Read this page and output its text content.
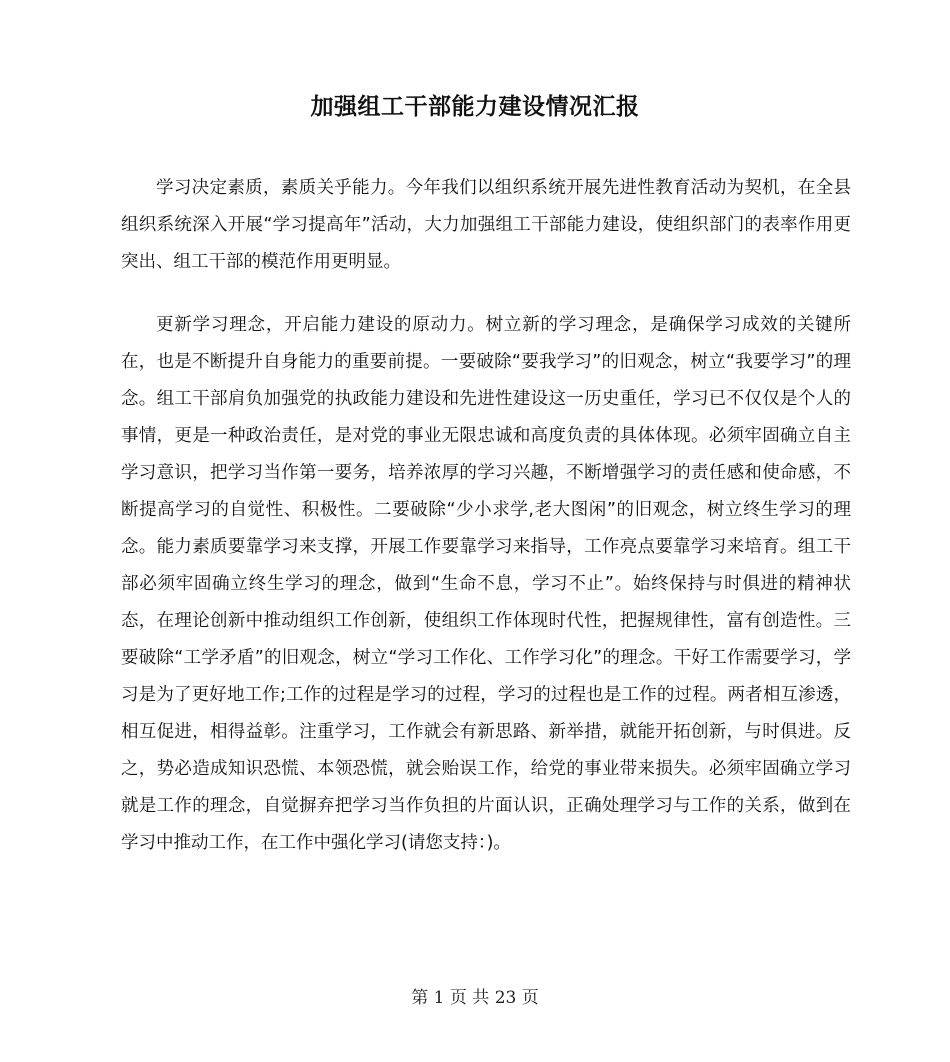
加强组工干部能力建设情况汇报

学习决定素质，素质关乎能力。今年我们以组织系统开展先进性教育活动为契机，在全县组织系统深入开展“学习提高年”活动，大力加强组工干部能力建设，使组织部门的表率作用更突出、组工干部的模范作用更明显。

更新学习理念，开启能力建设的原动力。树立新的学习理念，是确保学习成效的关键所在，也是不断提升自身能力的重要前提。一要破除“要我学习”的旧观念，树立“我要学习”的理念。组工干部肩负加强党的执政能力建设和先进性建设这一历史重任，学习已不仅仅是个人的事情，更是一种政治责任，是对党的事业无限忠诚和高度负责的具体体现。必须牢固确立自主学习意识，把学习当作第一要务，培养浓厚的学习兴趣，不断增强学习的责任感和使命感，不断提高学习的自觉性、积极性。二要破除“少小求学,老大图闲”的旧观念，树立终生学习的理念。能力素质要靠学习来支撑，开展工作要靠学习来指导，工作亮点要靠学习来培育。组工干部必须牢固确立终生学习的理念，做到“生命不息，学习不止”。始终保持与时俱进的精神状态，在理论创新中推动组织工作创新，使组织工作体现时代性，把握规律性，富有创造性。三要破除“工学矛盾”的旧观念，树立“学习工作化、工作学习化”的理念。干好工作需要学习，学习是为了更好地工作;工作的过程是学习的过程，学习的过程也是工作的过程。两者相互渗透，相互促进，相得益彰。注重学习，工作就会有新思路、新举措，就能开拓创新，与时俱进。反之，势必造成知识恐慌、本领恐慌，就会贻误工作，给党的事业带来损失。必须牢固确立学习就是工作的理念，自觉摒弃把学习当作负担的片面认识，正确处理学习与工作的关系，做到在学习中推动工作，在工作中强化学习(请您支持：)。

第 1 页 共 23 页
